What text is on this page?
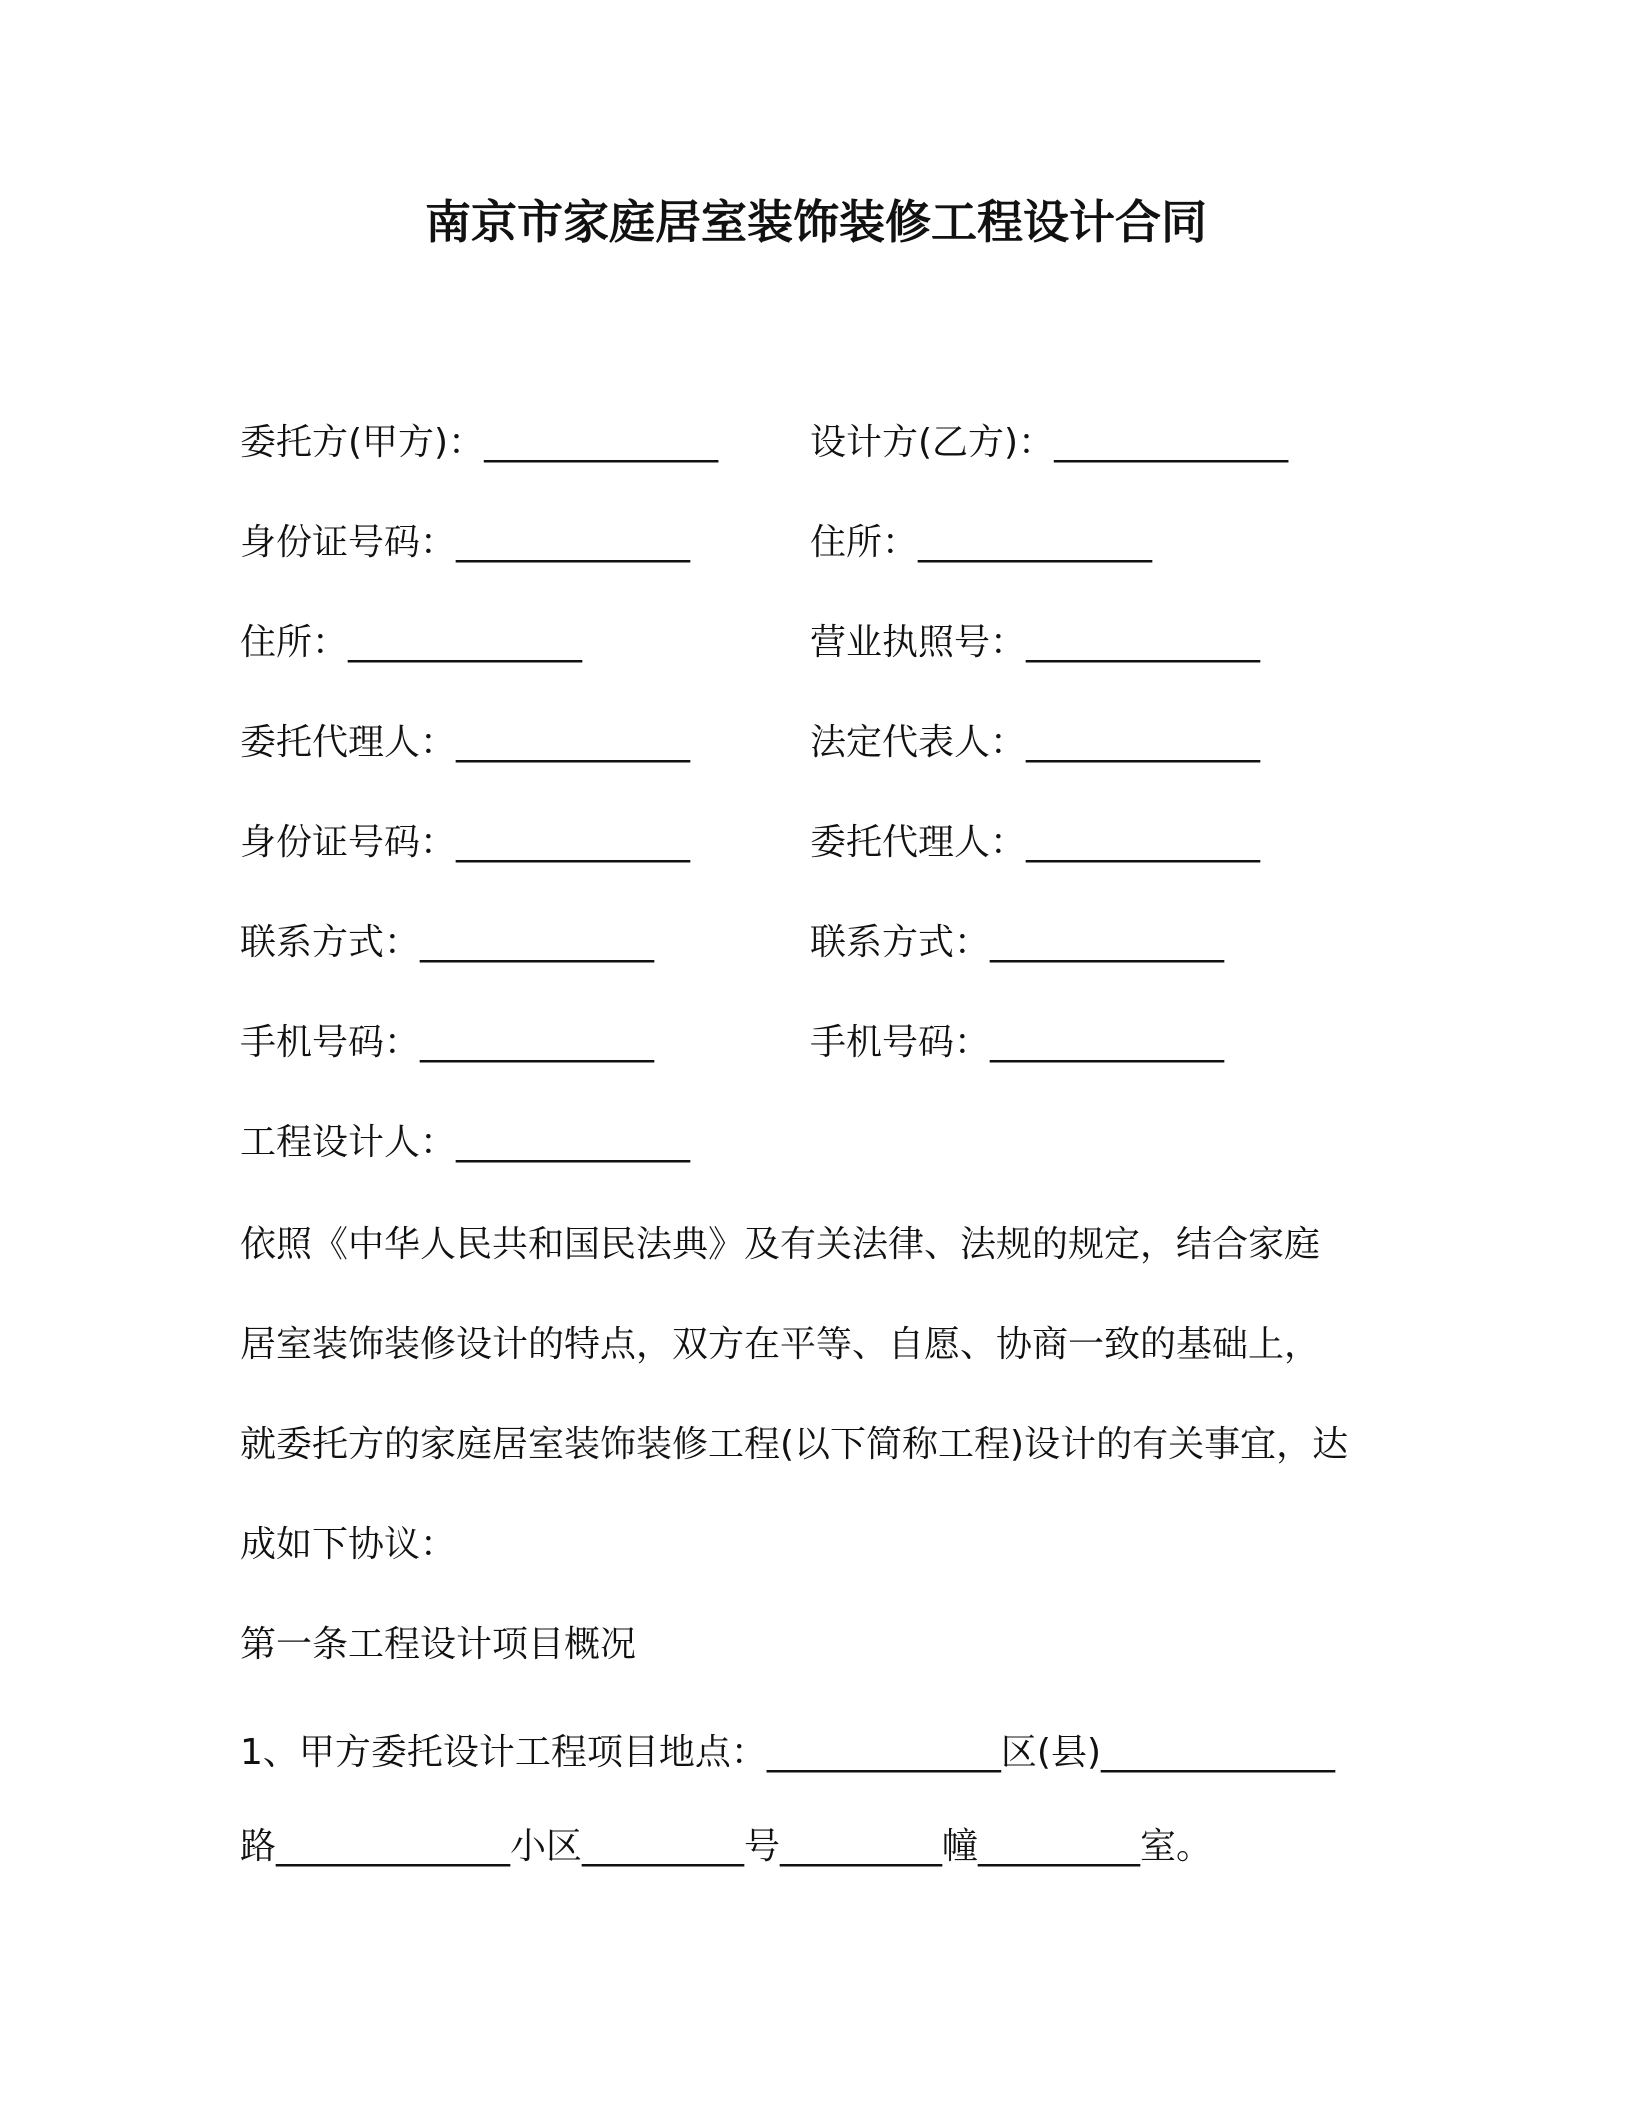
南京市家庭居室装饰装修工程设计合同
委托方(甲方)：_____________	设计方(乙方)：_____________
身份证号码：_____________	住所：_____________
住所：_____________	营业执照号：_____________
委托代理人：_____________	法定代表人：_____________
身份证号码：_____________	委托代理人：_____________
联系方式：_____________	联系方式：_____________
手机号码：_____________	手机号码：_____________
工程设计人：_____________
依照《中华人民共和国民法典》及有关法律、法规的规定，结合家庭
居室装饰装修设计的特点，双方在平等、自愿、协商一致的基础上，
就委托方的家庭居室装饰装修工程(以下简称工程)设计的有关事宜，达
成如下协议：
第一条工程设计项目概况
1、甲方委托设计工程项目地点：_____________区(县)_____________
路_____________小区_________号_________幢_________室。
